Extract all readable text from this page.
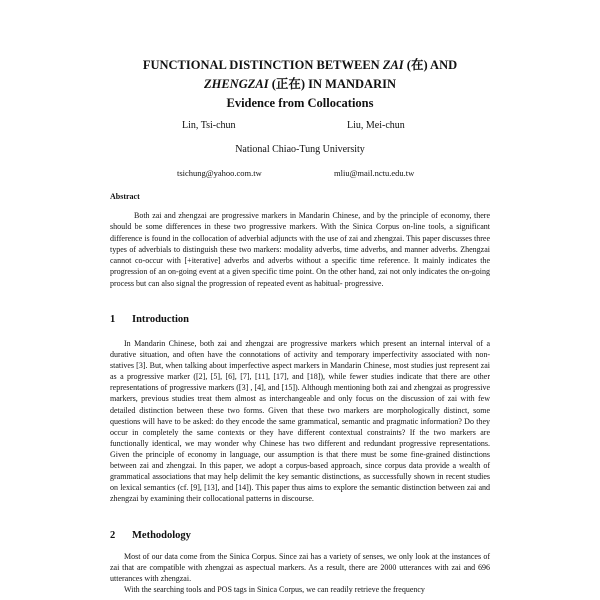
FUNCTIONAL DISTINCTION BETWEEN ZAI (在) AND
ZHENGZAI (正在) IN MANDARIN
Evidence from Collocations
Lin, Tsi-chun	Liu, Mei-chun
National Chiao-Tung University
tsichung@yahoo.com.tw	mliu@mail.nctu.edu.tw
Abstract

Both zai and zhengzai are progressive markers in Mandarin Chinese, and by the principle of economy, there should be some differences in these two progressive markers. With the Sinica Corpus on-line tools, a significant difference is found in the collocation of adverbial adjuncts with the use of zai and zhengzai. This paper discusses three types of adverbials to distinguish these two markers: modality adverbs, time adverbs, and manner adverbs. Zhengzai cannot co-occur with [+iterative] adverbs and adverbs without a specific time reference. It mainly indicates the progression of an on-going event at a given specific time point. On the other hand, zai not only indicates the on-going process but can also signal the progression of repeated event as habitual- progressive.

1 Introduction

In Mandarin Chinese, both zai and zhengzai are progressive markers which present an internal interval of a durative situation, and often have the connotations of activity and temporary imperfectivity associated with non-statives [3]. But, when talking about imperfective aspect markers in Mandarin Chinese, most studies just represent zai as a progressive marker ([2], [5], [6], [7], [11], [17], and [18]), while fewer studies indicate that there are other representations of progressive markers ([3] , [4], and [15]). Although mentioning both zai and zhengzai as progressive markers, previous studies treat them almost as interchangeable and only focus on the discussion of zai with few detailed distinction between these two forms. Given that these two markers are morphologically distinct, some questions will have to be asked: do they encode the same grammatical, semantic and pragmatic information? Do they occur in completely the same contexts or they have different contextual constraints? If the two markers are functionally identical, we may wonder why Chinese has two different and redundant progressive representations. Given the principle of economy in language, our assumption is that there must be some fine-grained distinctions between zai and zhengzai. In this paper, we adopt a corpus-based approach, since corpus data provide a wealth of grammatical associations that may help delimit the key semantic distinctions, as successfully shown in recent studies on lexical semantics (cf. [9], [13], and [14]). This paper thus aims to explore the semantic distinction between zai and zhengzai by examining their collocational patterns in discourse.

2 Methodology

Most of our data come from the Sinica Corpus. Since zai has a variety of senses, we only look at the instances of zai that are compatible with zhengzai as aspectual markers. As a result, there are 2000 utterances with zai and 696 utterances with zhengzai.

With the searching tools and POS tags in Sinica Corpus, we can readily retrieve the frequency
